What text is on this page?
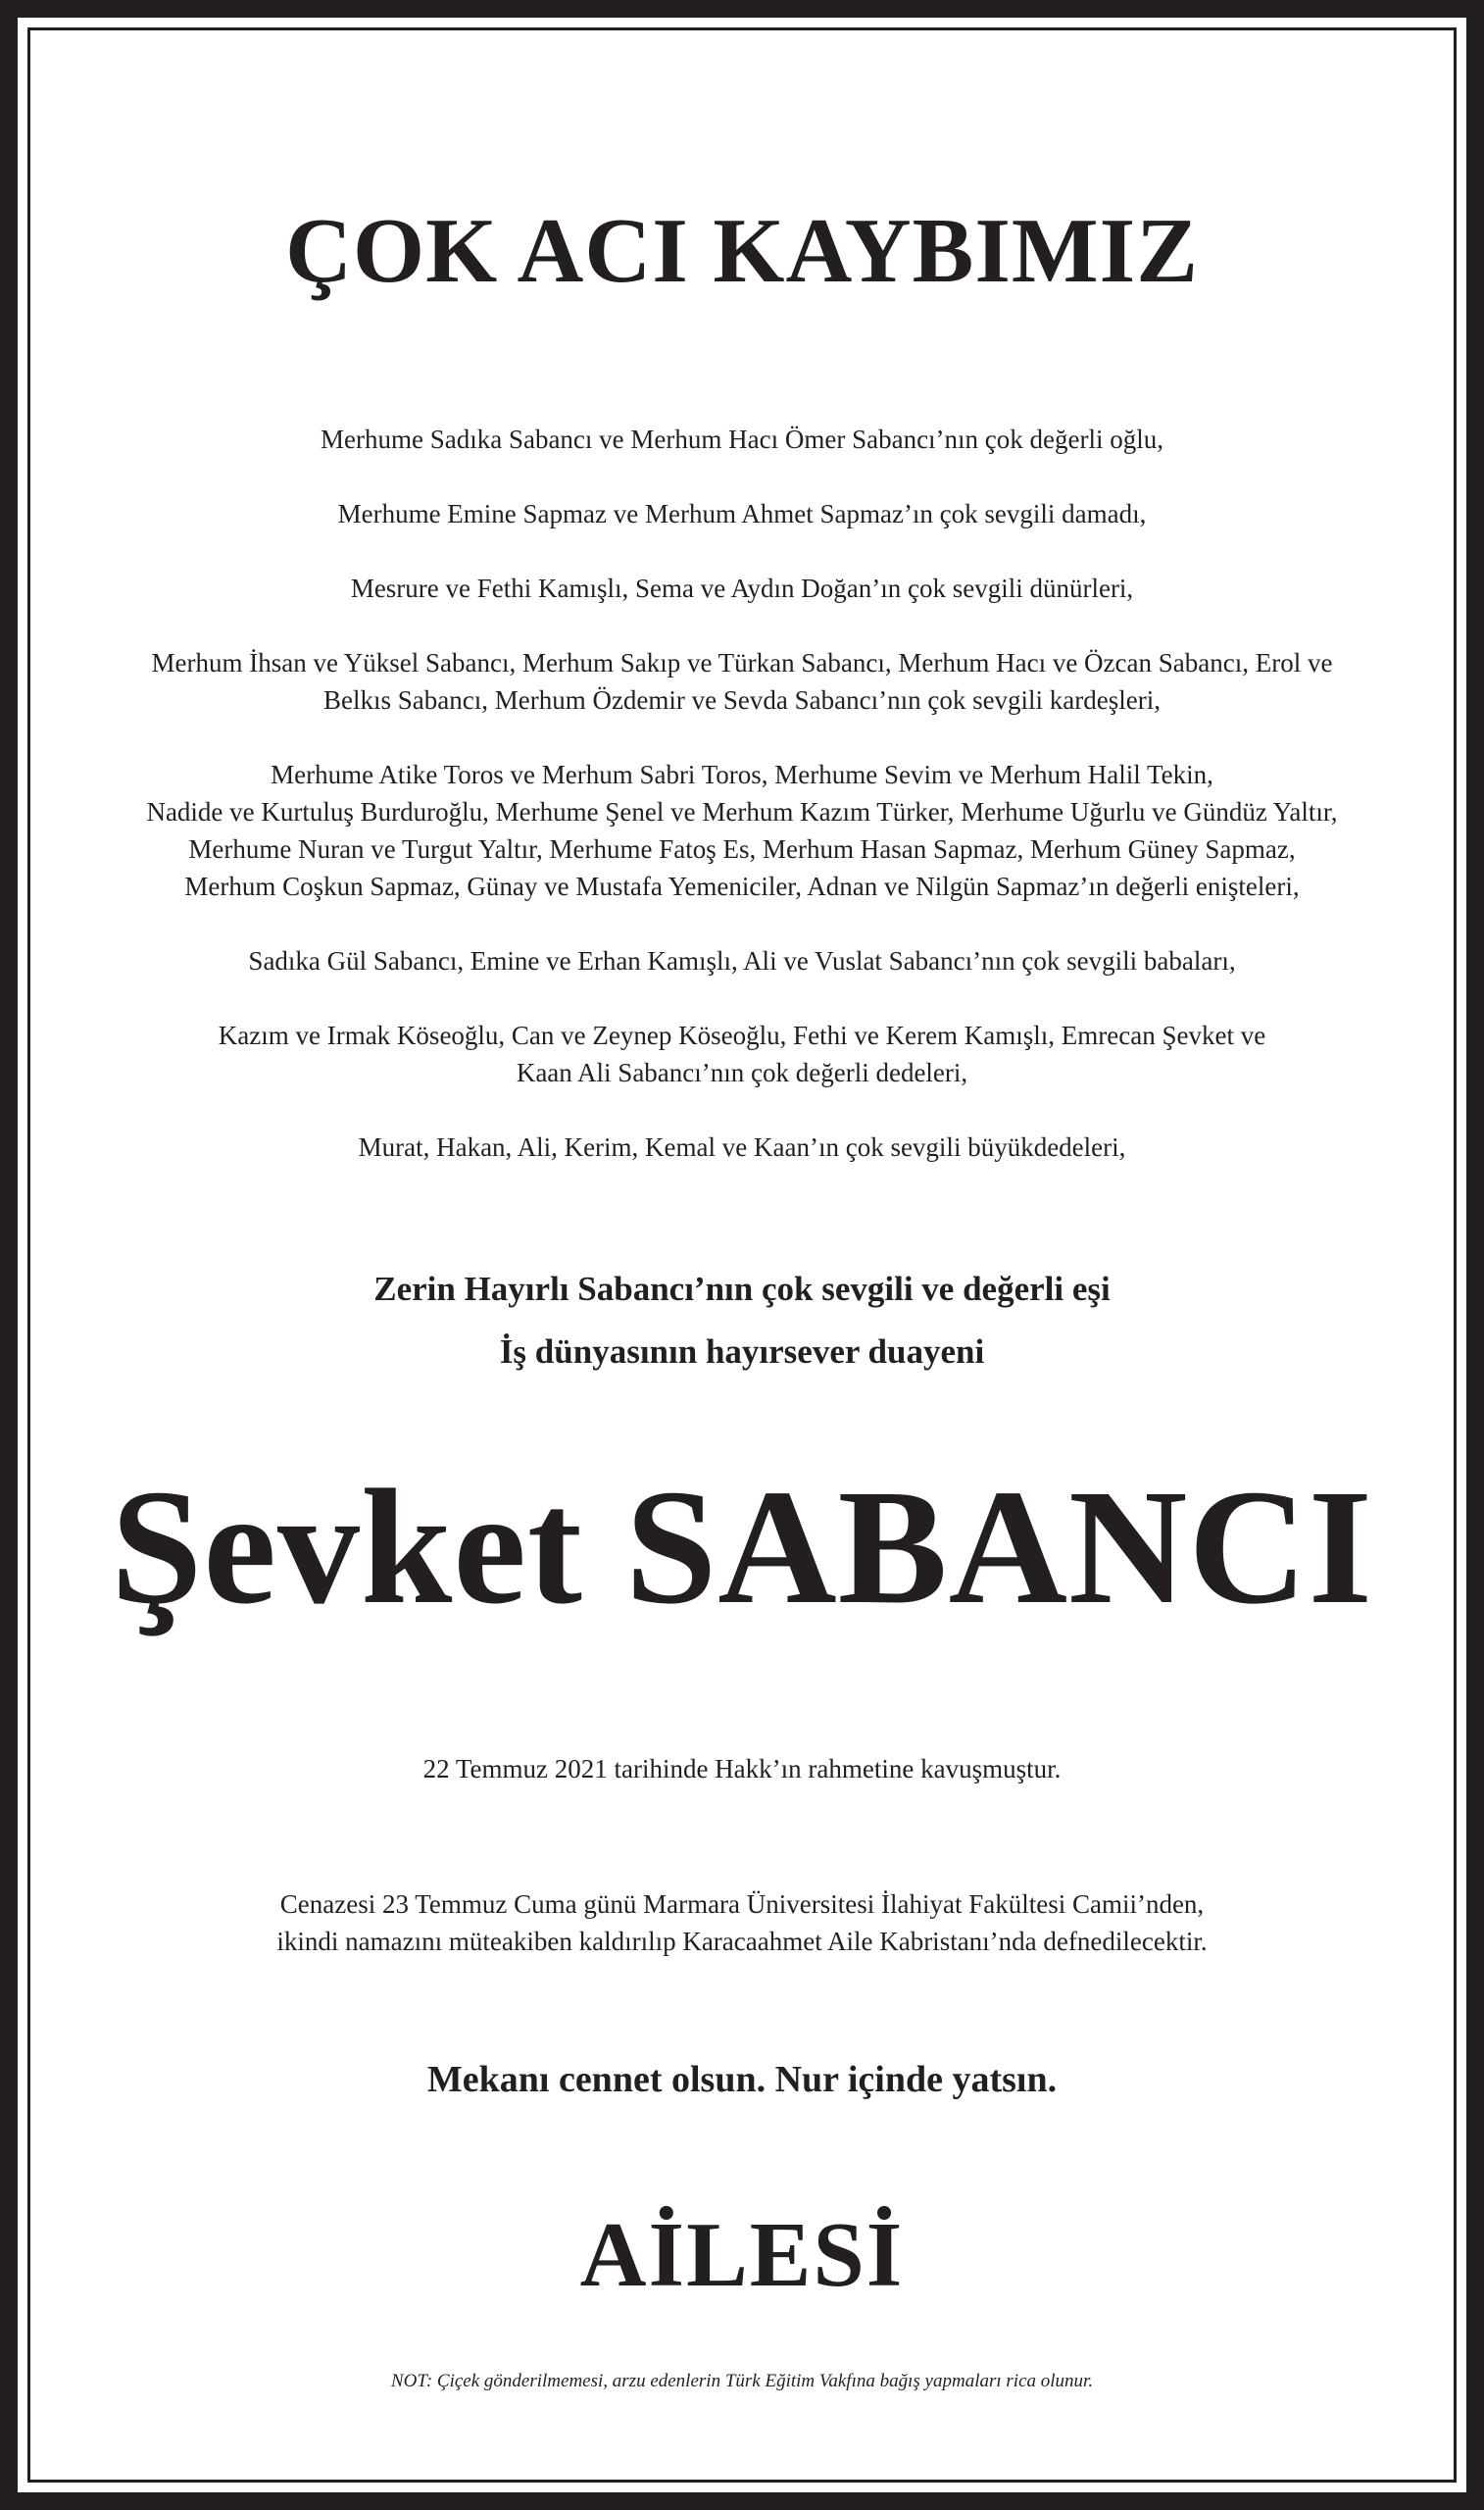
ÇOK ACI KAYBIMIZ

Merhume Sadıka Sabancı ve Merhum Hacı Ömer Sabancı’nın çok değerli oğlu,

Merhume Emine Sapmaz ve Merhum Ahmet Sapmaz’ın çok sevgili damadı,

Mesrure ve Fethi Kamışlı, Sema ve Aydın Doğan’ın çok sevgili dünürleri,

Merhum İhsan ve Yüksel Sabancı, Merhum Sakıp ve Türkan Sabancı, Merhum Hacı ve Özcan Sabancı, Erol ve
Belkıs Sabancı, Merhum Özdemir ve Sevda Sabancı’nın çok sevgili kardeşleri,

Merhume Atike Toros ve Merhum Sabri Toros, Merhume Sevim ve Merhum Halil Tekin,
Nadide ve Kurtuluş Burduroğlu, Merhume Şenel ve Merhum Kazım Türker, Merhume Uğurlu ve Gündüz Yaltır,
Merhume Nuran ve Turgut Yaltır, Merhume Fatoş Es, Merhum Hasan Sapmaz, Merhum Güney Sapmaz,
Merhum Coşkun Sapmaz, Günay ve Mustafa Yemeniciler, Adnan ve Nilgün Sapmaz’ın değerli enişteleri,

Sadıka Gül Sabancı, Emine ve Erhan Kamışlı, Ali ve Vuslat Sabancı’nın çok sevgili babaları,

Kazım ve Irmak Köseoğlu, Can ve Zeynep Köseoğlu, Fethi ve Kerem Kamışlı, Emrecan Şevket ve
Kaan Ali Sabancı’nın çok değerli dedeleri,

Murat, Hakan, Ali, Kerim, Kemal ve Kaan’ın çok sevgili büyükdedeleri,

Zerin Hayırlı Sabancı’nın çok sevgili ve değerli eşi
İş dünyasının hayırsever duayeni
Şevket SABANCI
22 Temmuz 2021 tarihinde Hakk’ın rahmetine kavuşmuştur.
Cenazesi 23 Temmuz Cuma günü Marmara Üniversitesi İlahiyat Fakültesi Camii’nden,
ikindi namazını müteakiben kaldırılıp Karacaahmet Aile Kabristanı’nda defnedilecektir.
Mekanı cennet olsun. Nur içinde yatsın.
AİLESİ
NOT: Çiçek gönderilmemesi, arzu edenlerin Türk Eğitim Vakfına bağış yapmaları rica olunur.
